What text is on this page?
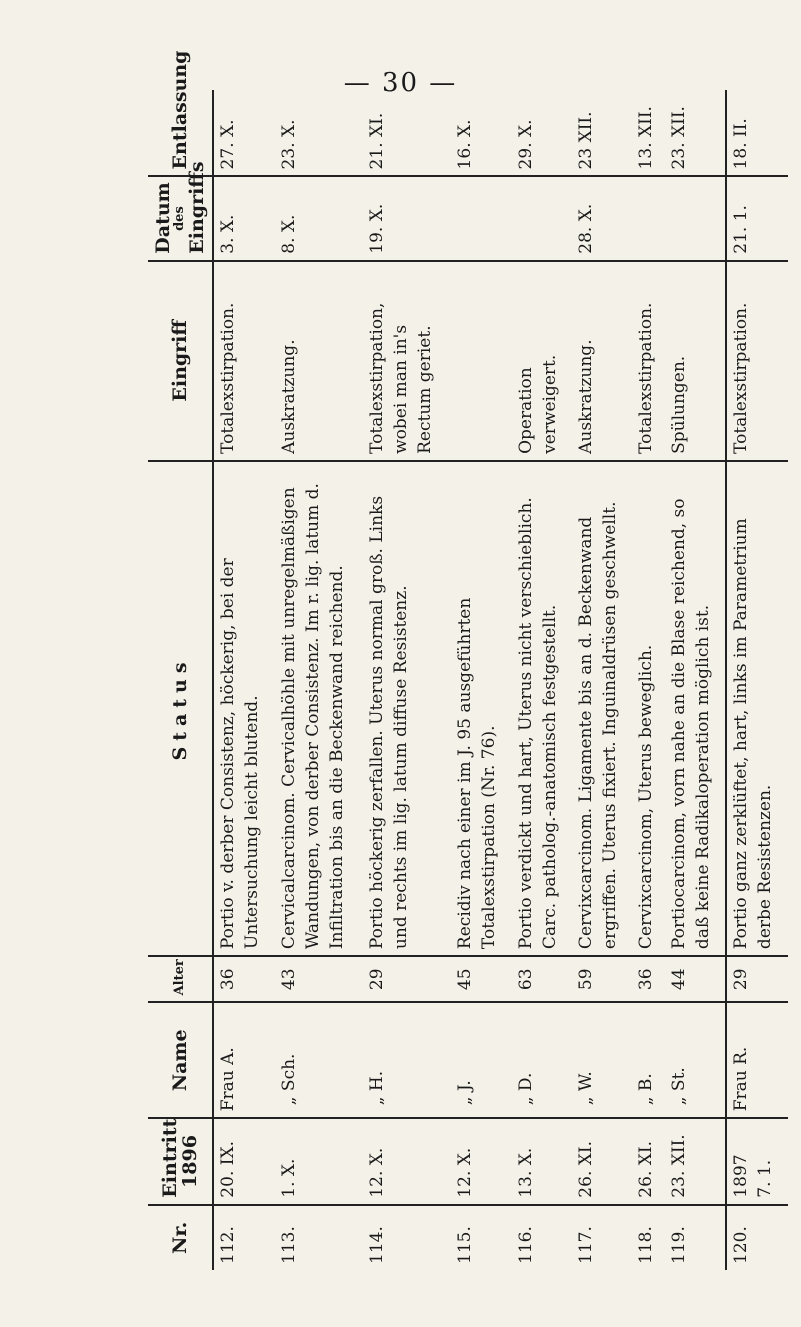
— 30 —
Nr.	Eintritt
1896	Name	Alter	Status	Eingriff	Datum
des Eingriffs	Entlassung
112.	20. IX.	Frau A.	36	Portio v. derber Consistenz, höckerig, bei der Untersuchung leicht blutend.	Totalexstirpation.	3. X.	27. X.
113.	1. X.	„ Sch.	43	Cervicalcarcinom. Cervicalhöhle mit unregelmäßigen Wandungen, von derber Consistenz. Im r. lig. latum d. Infiltration bis an die Beckenwand reichend.	Auskratzung.	8. X.	23. X.
114.	12. X.	„ H.	29	Portio höckerig zerfallen. Uterus normal groß. Links und rechts im lig. latum diffuse Resistenz.	Totalexstirpation, wobei man in's Rectum geriet.	19. X.	21. XI.
115.	12. X.	„ J.	45	Recidiv nach einer im J. 95 ausgeführten Totalexstirpation (Nr. 76).			16. X.
116.	13. X.	„ D.	63	Portio verdickt und hart, Uterus nicht verschieblich. Carc. patholog.-anatomisch festgestellt.	Operation verweigert.		29. X.
117.	26. XI.	„ W.	59	Cervixcarcinom. Ligamente bis an d. Beckenwand ergriffen. Uterus fixiert. Inguinaldrüsen geschwellt.	Auskratzung.	28. X.	23 XII.
118.	26. XI.	„ B.	36	Cervixcarcinom, Uterus beweglich.	Totalexstirpation.		13. XII.
119.	23. XII.	„ St.	44	Portiocarcinom, vorn nahe an die Blase reichend, so daß keine Radikaloperation möglich ist.	Spülungen.		23. XII.
120.	1897 7. 1.	Frau R.	29	Portio ganz zerklüftet, hart, links im Parametrium derbe Resistenzen.	Totalexstirpation.	21. 1.	18. II.
